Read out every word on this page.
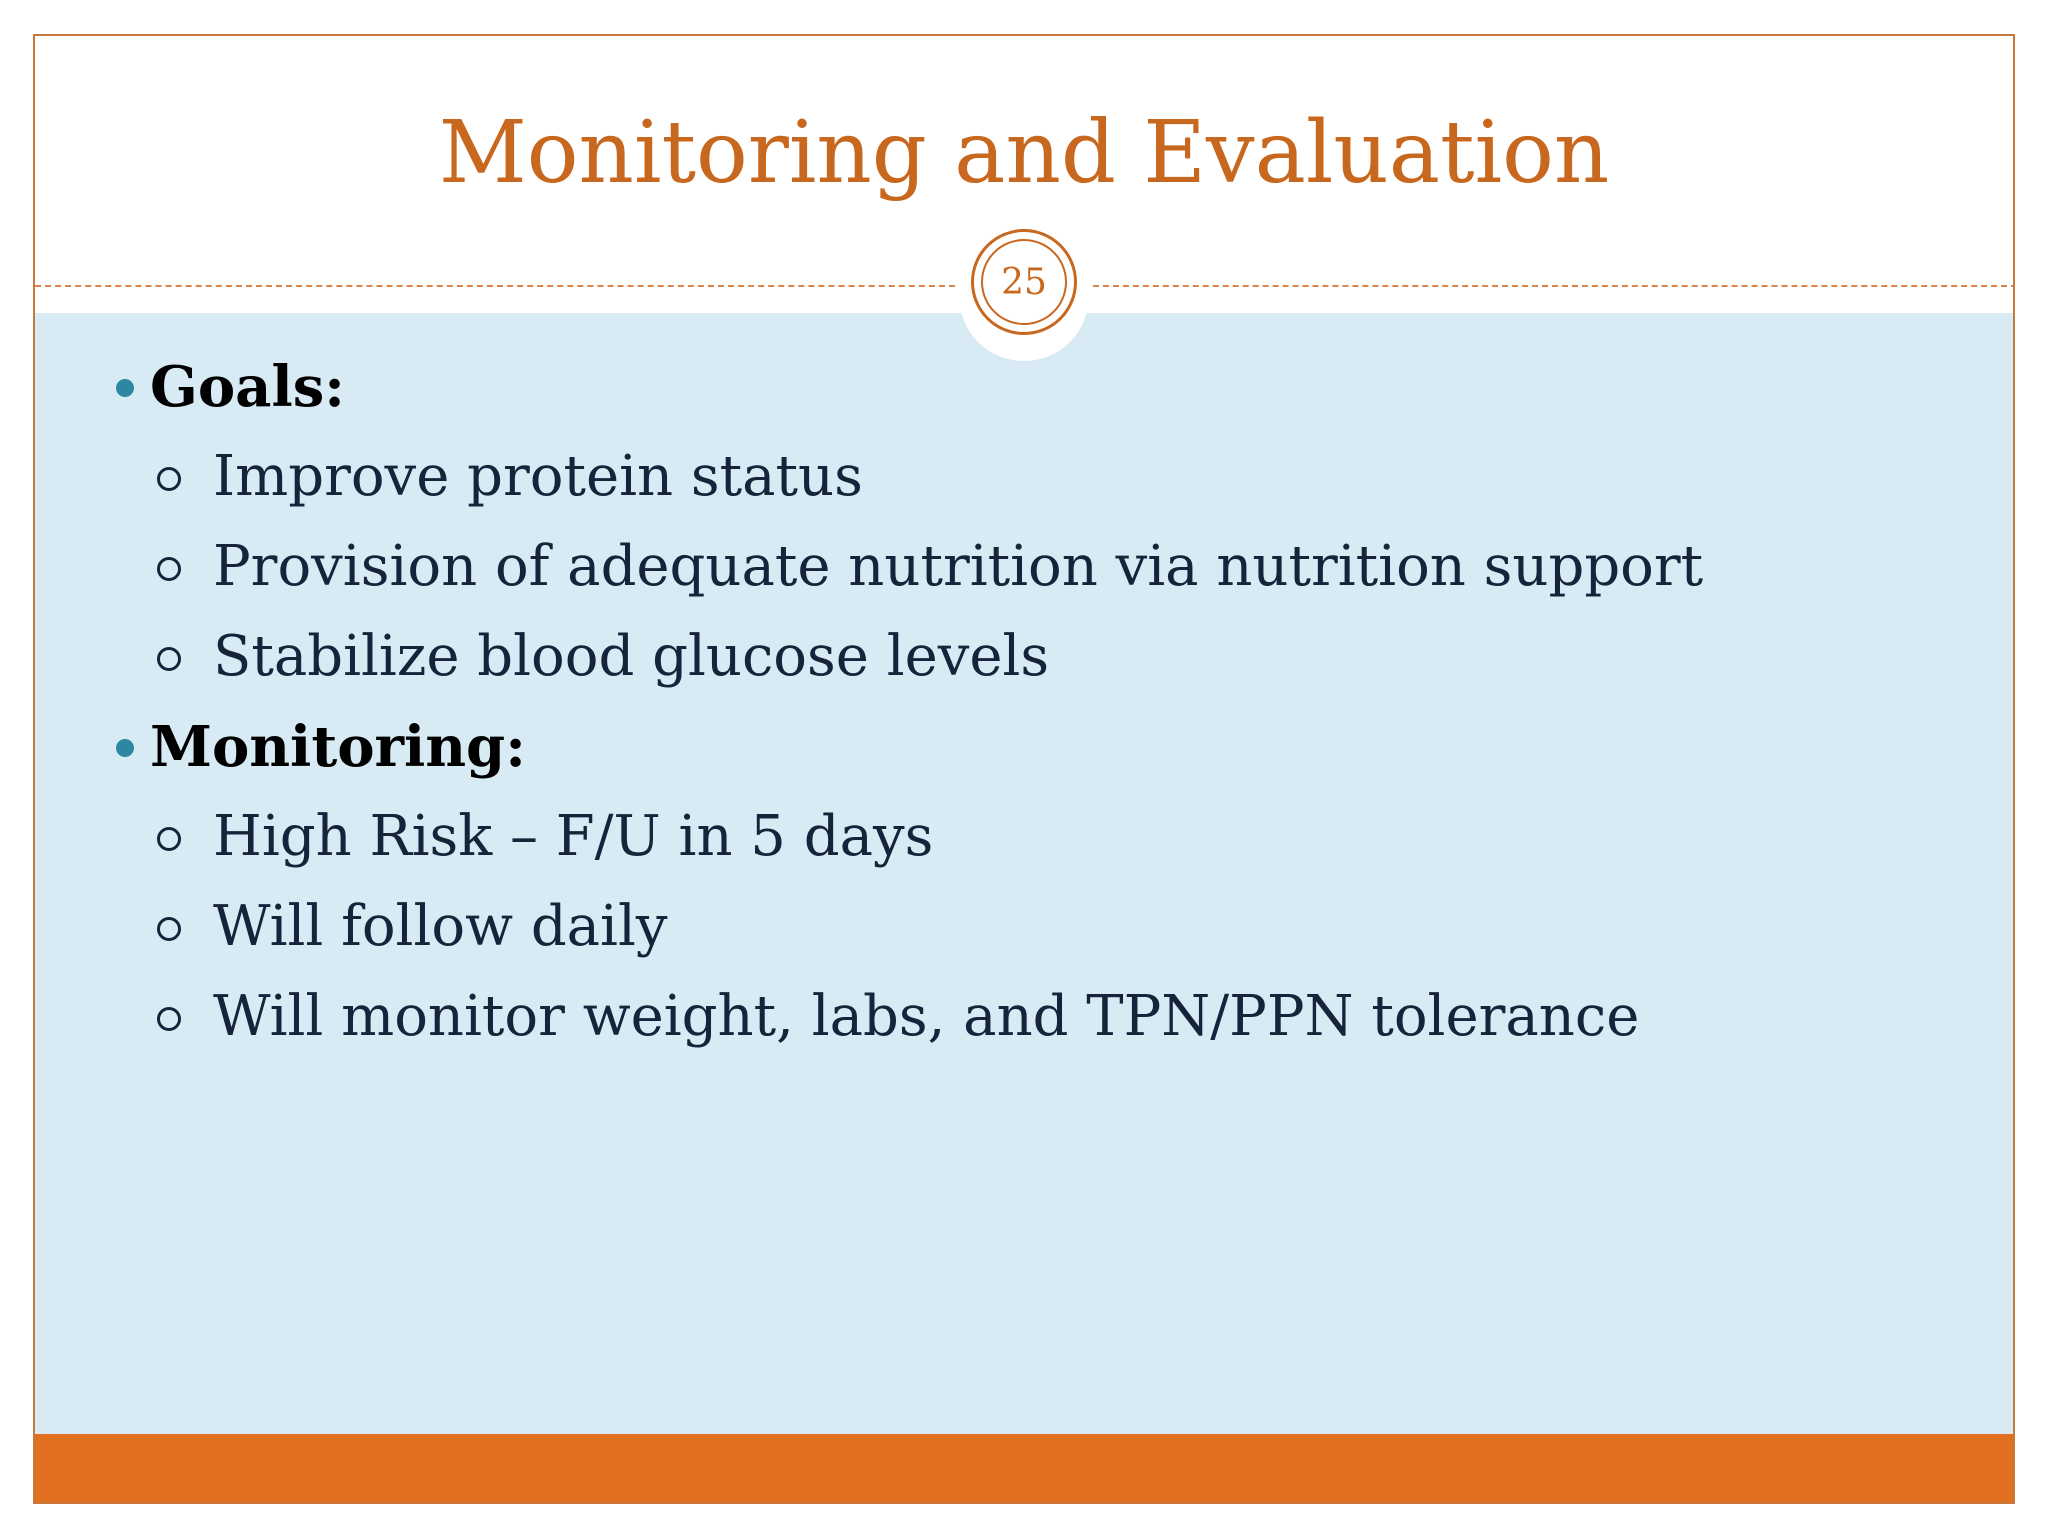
Monitoring and Evaluation
25
Goals:
Improve protein status
Provision of adequate nutrition via nutrition support
Stabilize blood glucose levels
Monitoring:
High Risk – F/U in 5 days
Will follow daily
Will monitor weight, labs, and TPN/PPN tolerance
